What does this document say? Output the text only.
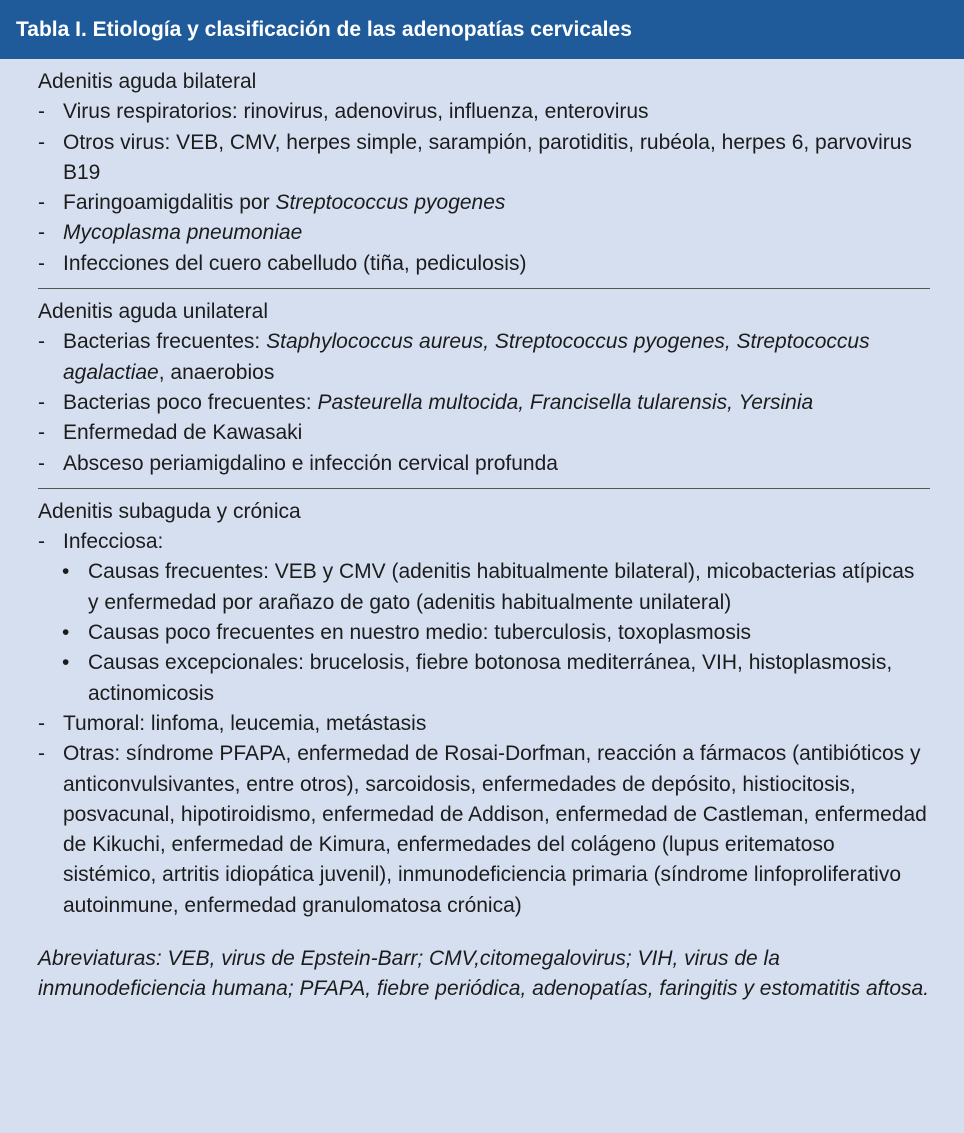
Tabla I. Etiología y clasificación de las adenopatías cervicales
Adenitis aguda bilateral
- Virus respiratorios: rinovirus, adenovirus, influenza, enterovirus
- Otros virus: VEB, CMV, herpes simple, sarampión, parotiditis, rubéola, herpes 6, parvovirus B19
- Faringoamigdalitis por Streptococcus pyogenes
- Mycoplasma pneumoniae
- Infecciones del cuero cabelludo (tiña, pediculosis)
Adenitis aguda unilateral
- Bacterias frecuentes: Staphylococcus aureus, Streptococcus pyogenes, Streptococcus agalactiae, anaerobios
- Bacterias poco frecuentes: Pasteurella multocida, Francisella tularensis, Yersinia
- Enfermedad de Kawasaki
- Absceso periamigdalino e infección cervical profunda
Adenitis subaguda y crónica
- Infecciosa:
• Causas frecuentes: VEB y CMV (adenitis habitualmente bilateral), micobacterias atípicas y enfermedad por arañazo de gato (adenitis habitualmente unilateral)
• Causas poco frecuentes en nuestro medio: tuberculosis, toxoplasmosis
• Causas excepcionales: brucelosis, fiebre botonosa mediterránea, VIH, histoplasmosis, actinomicosis
- Tumoral: linfoma, leucemia, metástasis
- Otras: síndrome PFAPA, enfermedad de Rosai-Dorfman, reacción a fármacos (antibióticos y anticonvulsivantes, entre otros), sarcoidosis, enfermedades de depósito, histiocitosis, posvacunal, hipotiroidismo, enfermedad de Addison, enfermedad de Castleman, enfermedad de Kikuchi, enfermedad de Kimura, enfermedades del colágeno (lupus eritematoso sistémico, artritis idiopática juvenil), inmunodeficiencia primaria (síndrome linfoproliferativo autoinmune, enfermedad granulomatosa crónica)
Abreviaturas: VEB, virus de Epstein-Barr; CMV,citomegalovirus; VIH, virus de la inmunodeficiencia humana; PFAPA, fiebre periódica, adenopatías, faringitis y estomatitis aftosa.
